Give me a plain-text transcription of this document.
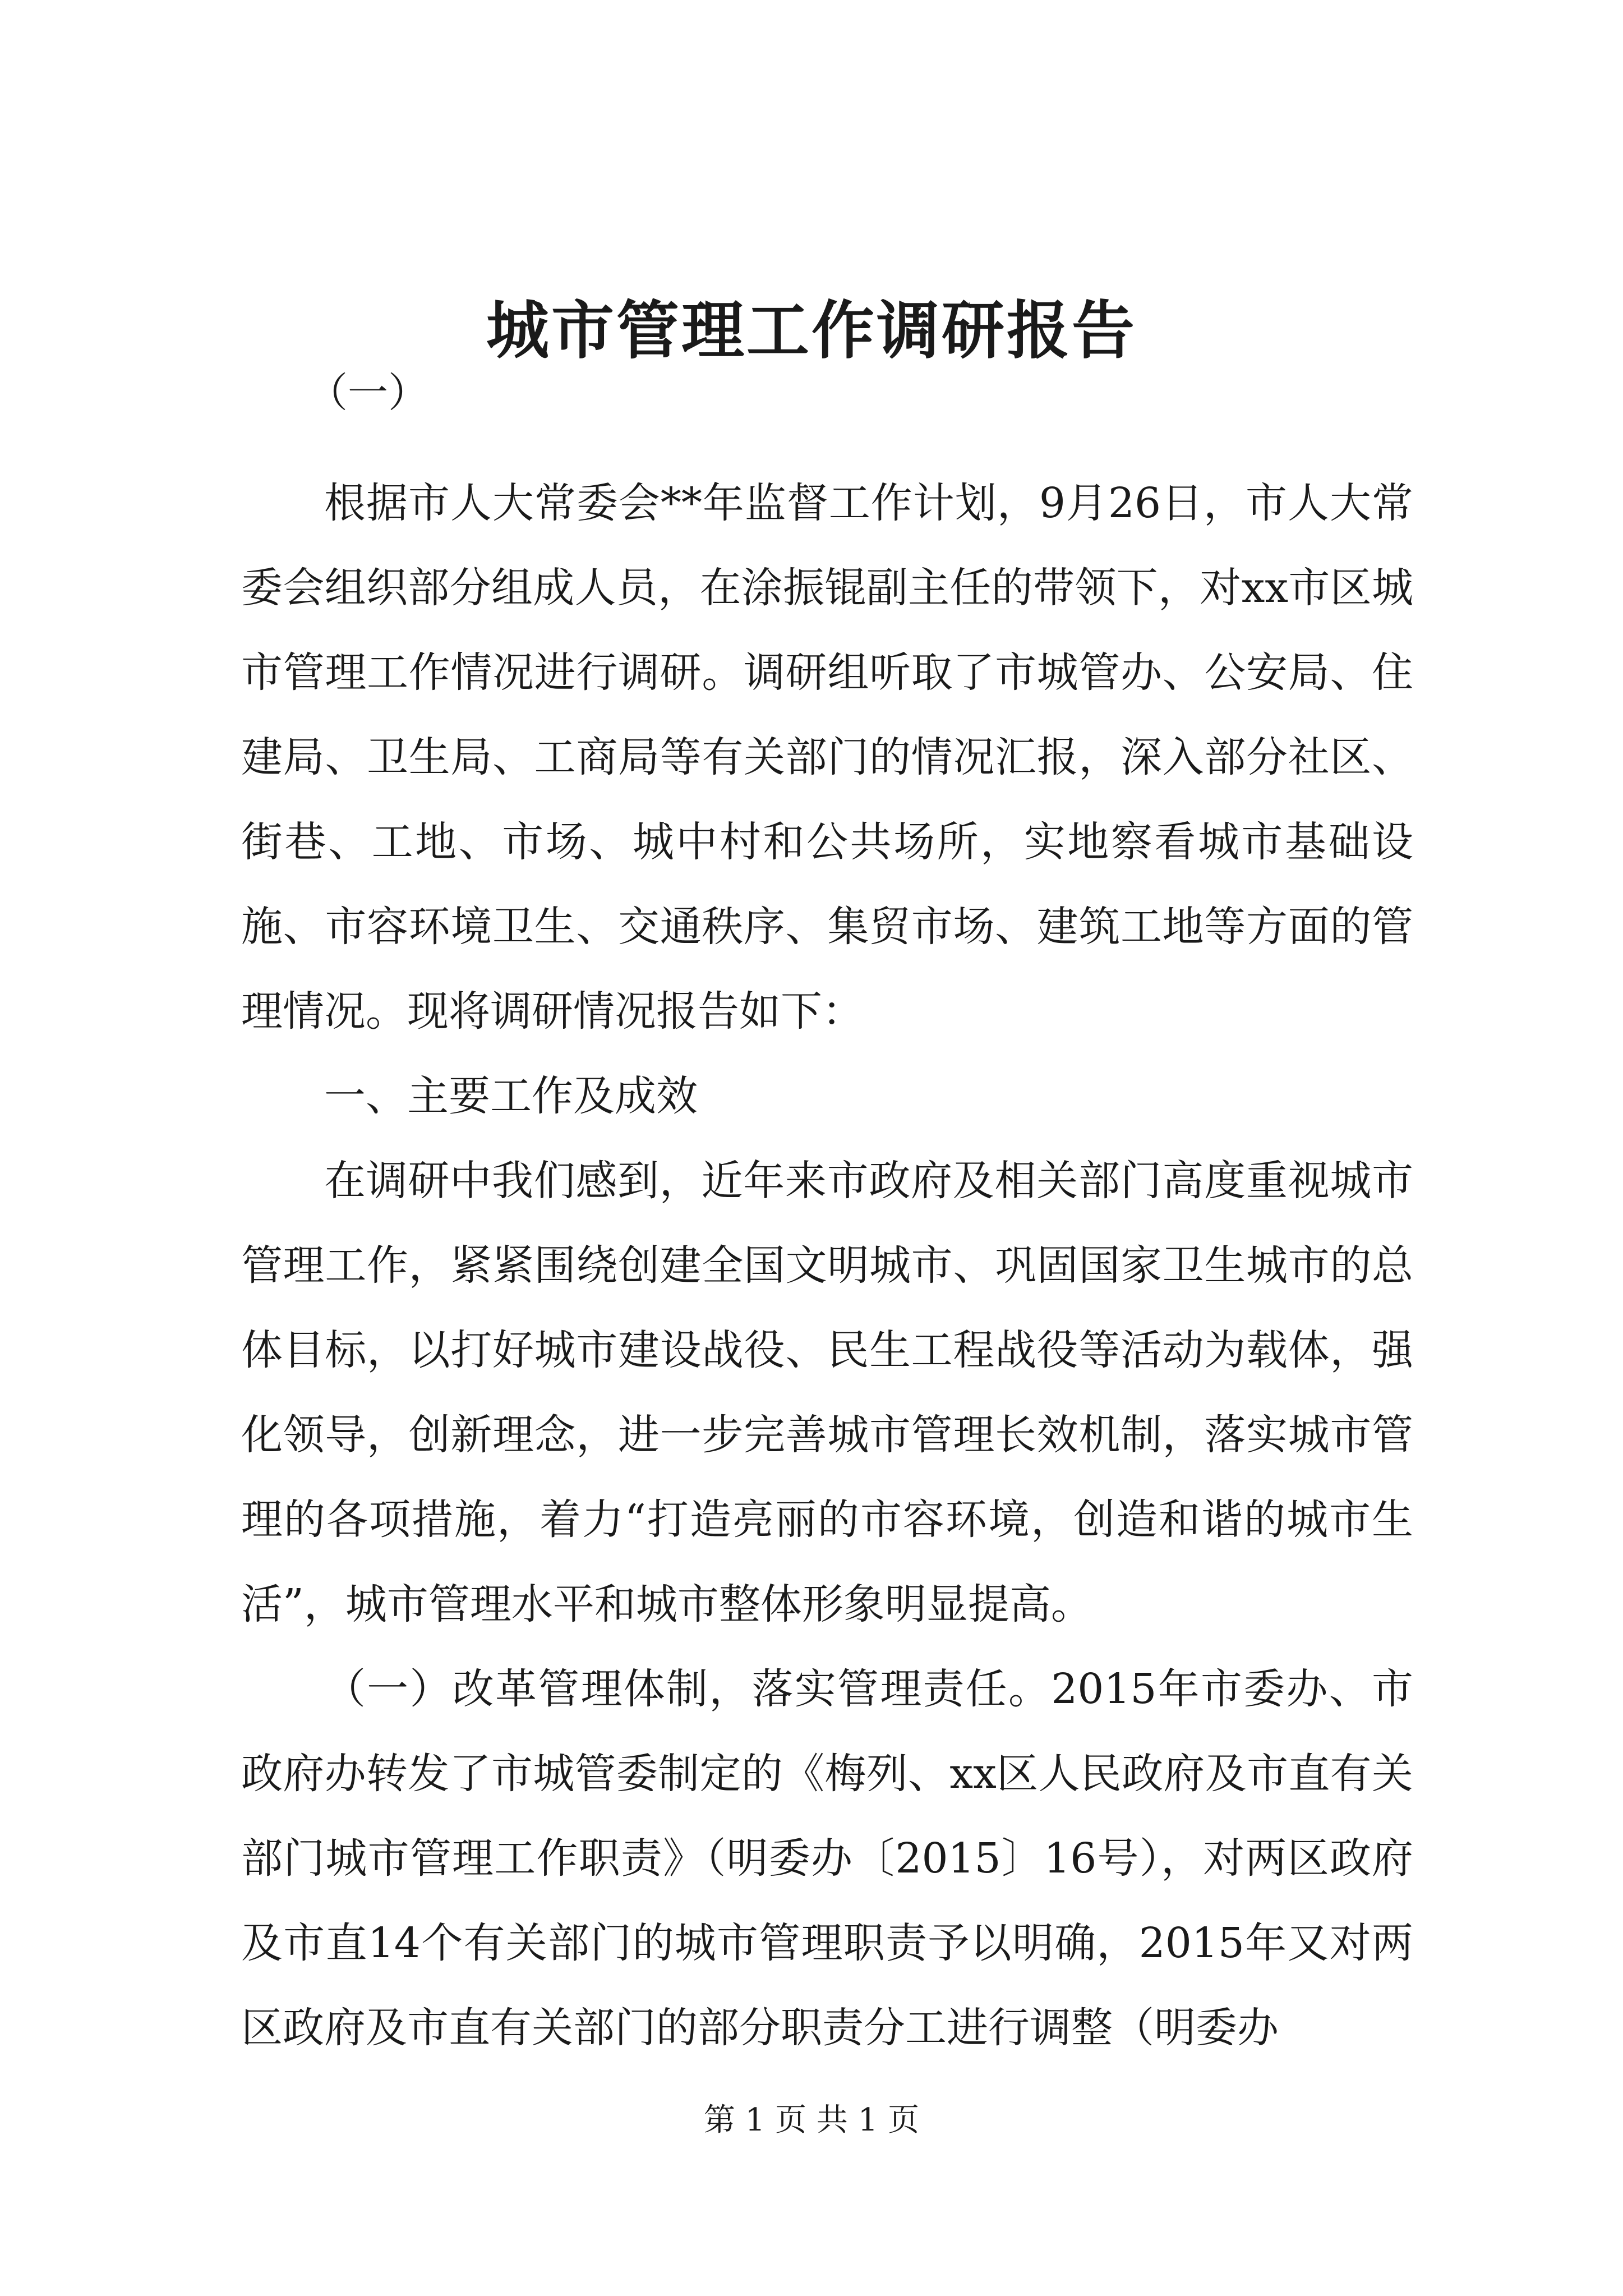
城市管理工作调研报告
（一）

根据市人大常委会**年监督工作计划，9月26日，市人大常委会组织部分组成人员，在涂振锟副主任的带领下，对xx市区城市管理工作情况进行调研。调研组听取了市城管办、公安局、住建局、卫生局、工商局等有关部门的情况汇报，深入部分社区、街巷、工地、市场、城中村和公共场所，实地察看城市基础设施、市容环境卫生、交通秩序、集贸市场、建筑工地等方面的管理情况。现将调研情况报告如下：

一、主要工作及成效

在调研中我们感到，近年来市政府及相关部门高度重视城市管理工作，紧紧围绕创建全国文明城市、巩固国家卫生城市的总体目标，以打好城市建设战役、民生工程战役等活动为载体，强化领导，创新理念，进一步完善城市管理长效机制，落实城市管理的各项措施，着力“打造亮丽的市容环境，创造和谐的城市生活”，城市管理水平和城市整体形象明显提高。

（一）改革管理体制，落实管理责任。2015年市委办、市政府办转发了市城管委制定的《梅列、xx区人民政府及市直有关部门城市管理工作职责》（明委办〔2015〕16号），对两区政府及市直14个有关部门的城市管理职责予以明确，2015年又对两区政府及市直有关部门的部分职责分工进行调整（明委办

第 1 页 共 1 页
